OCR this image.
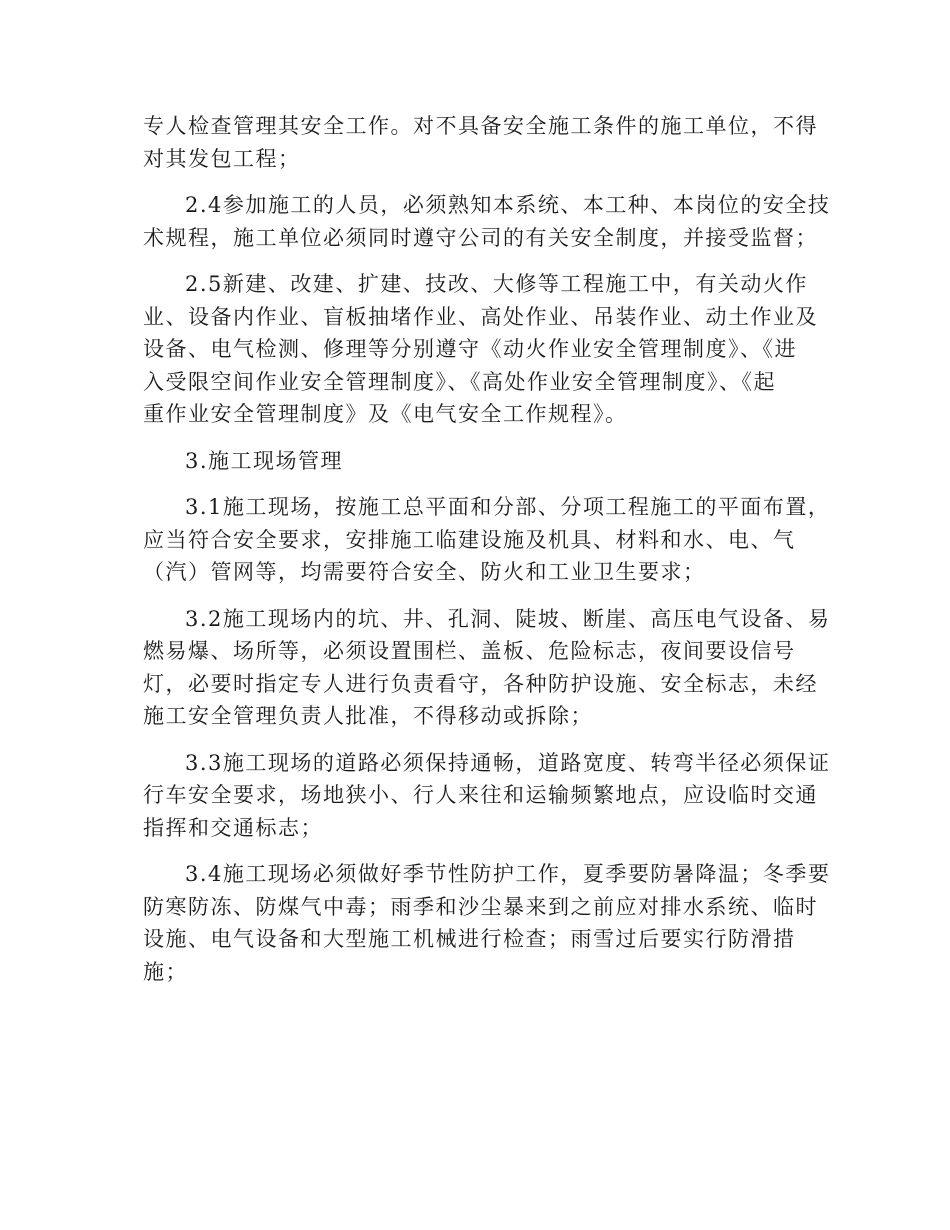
专人检查管理其安全工作。对不具备安全施工条件的施工单位，不得
对其发包工程；
2.4参加施工的人员，必须熟知本系统、本工种、本岗位的安全技
术规程，施工单位必须同时遵守公司的有关安全制度，并接受监督；
2.5新建、改建、扩建、技改、大修等工程施工中，有关动火作
业、设备内作业、盲板抽堵作业、高处作业、吊装作业、动土作业及
设备、电气检测、修理等分别遵守《动火作业安全管理制度》、《进
入受限空间作业安全管理制度》、《高处作业安全管理制度》、《起
重作业安全管理制度》及《电气安全工作规程》。
3.施工现场管理
3.1施工现场，按施工总平面和分部、分项工程施工的平面布置，
应当符合安全要求，安排施工临建设施及机具、材料和水、电、气
（汽）管网等，均需要符合安全、防火和工业卫生要求；
3.2施工现场内的坑、井、孔洞、陡坡、断崖、高压电气设备、易
燃易爆、场所等，必须设置围栏、盖板、危险标志，夜间要设信号
灯，必要时指定专人进行负责看守，各种防护设施、安全标志，未经
施工安全管理负责人批准，不得移动或拆除；
3.3施工现场的道路必须保持通畅，道路宽度、转弯半径必须保证
行车安全要求，场地狭小、行人来往和运输频繁地点，应设临时交通
指挥和交通标志；
3.4施工现场必须做好季节性防护工作，夏季要防暑降温；冬季要
防寒防冻、防煤气中毒；雨季和沙尘暴来到之前应对排水系统、临时
设施、电气设备和大型施工机械进行检查；雨雪过后要实行防滑措
施；
